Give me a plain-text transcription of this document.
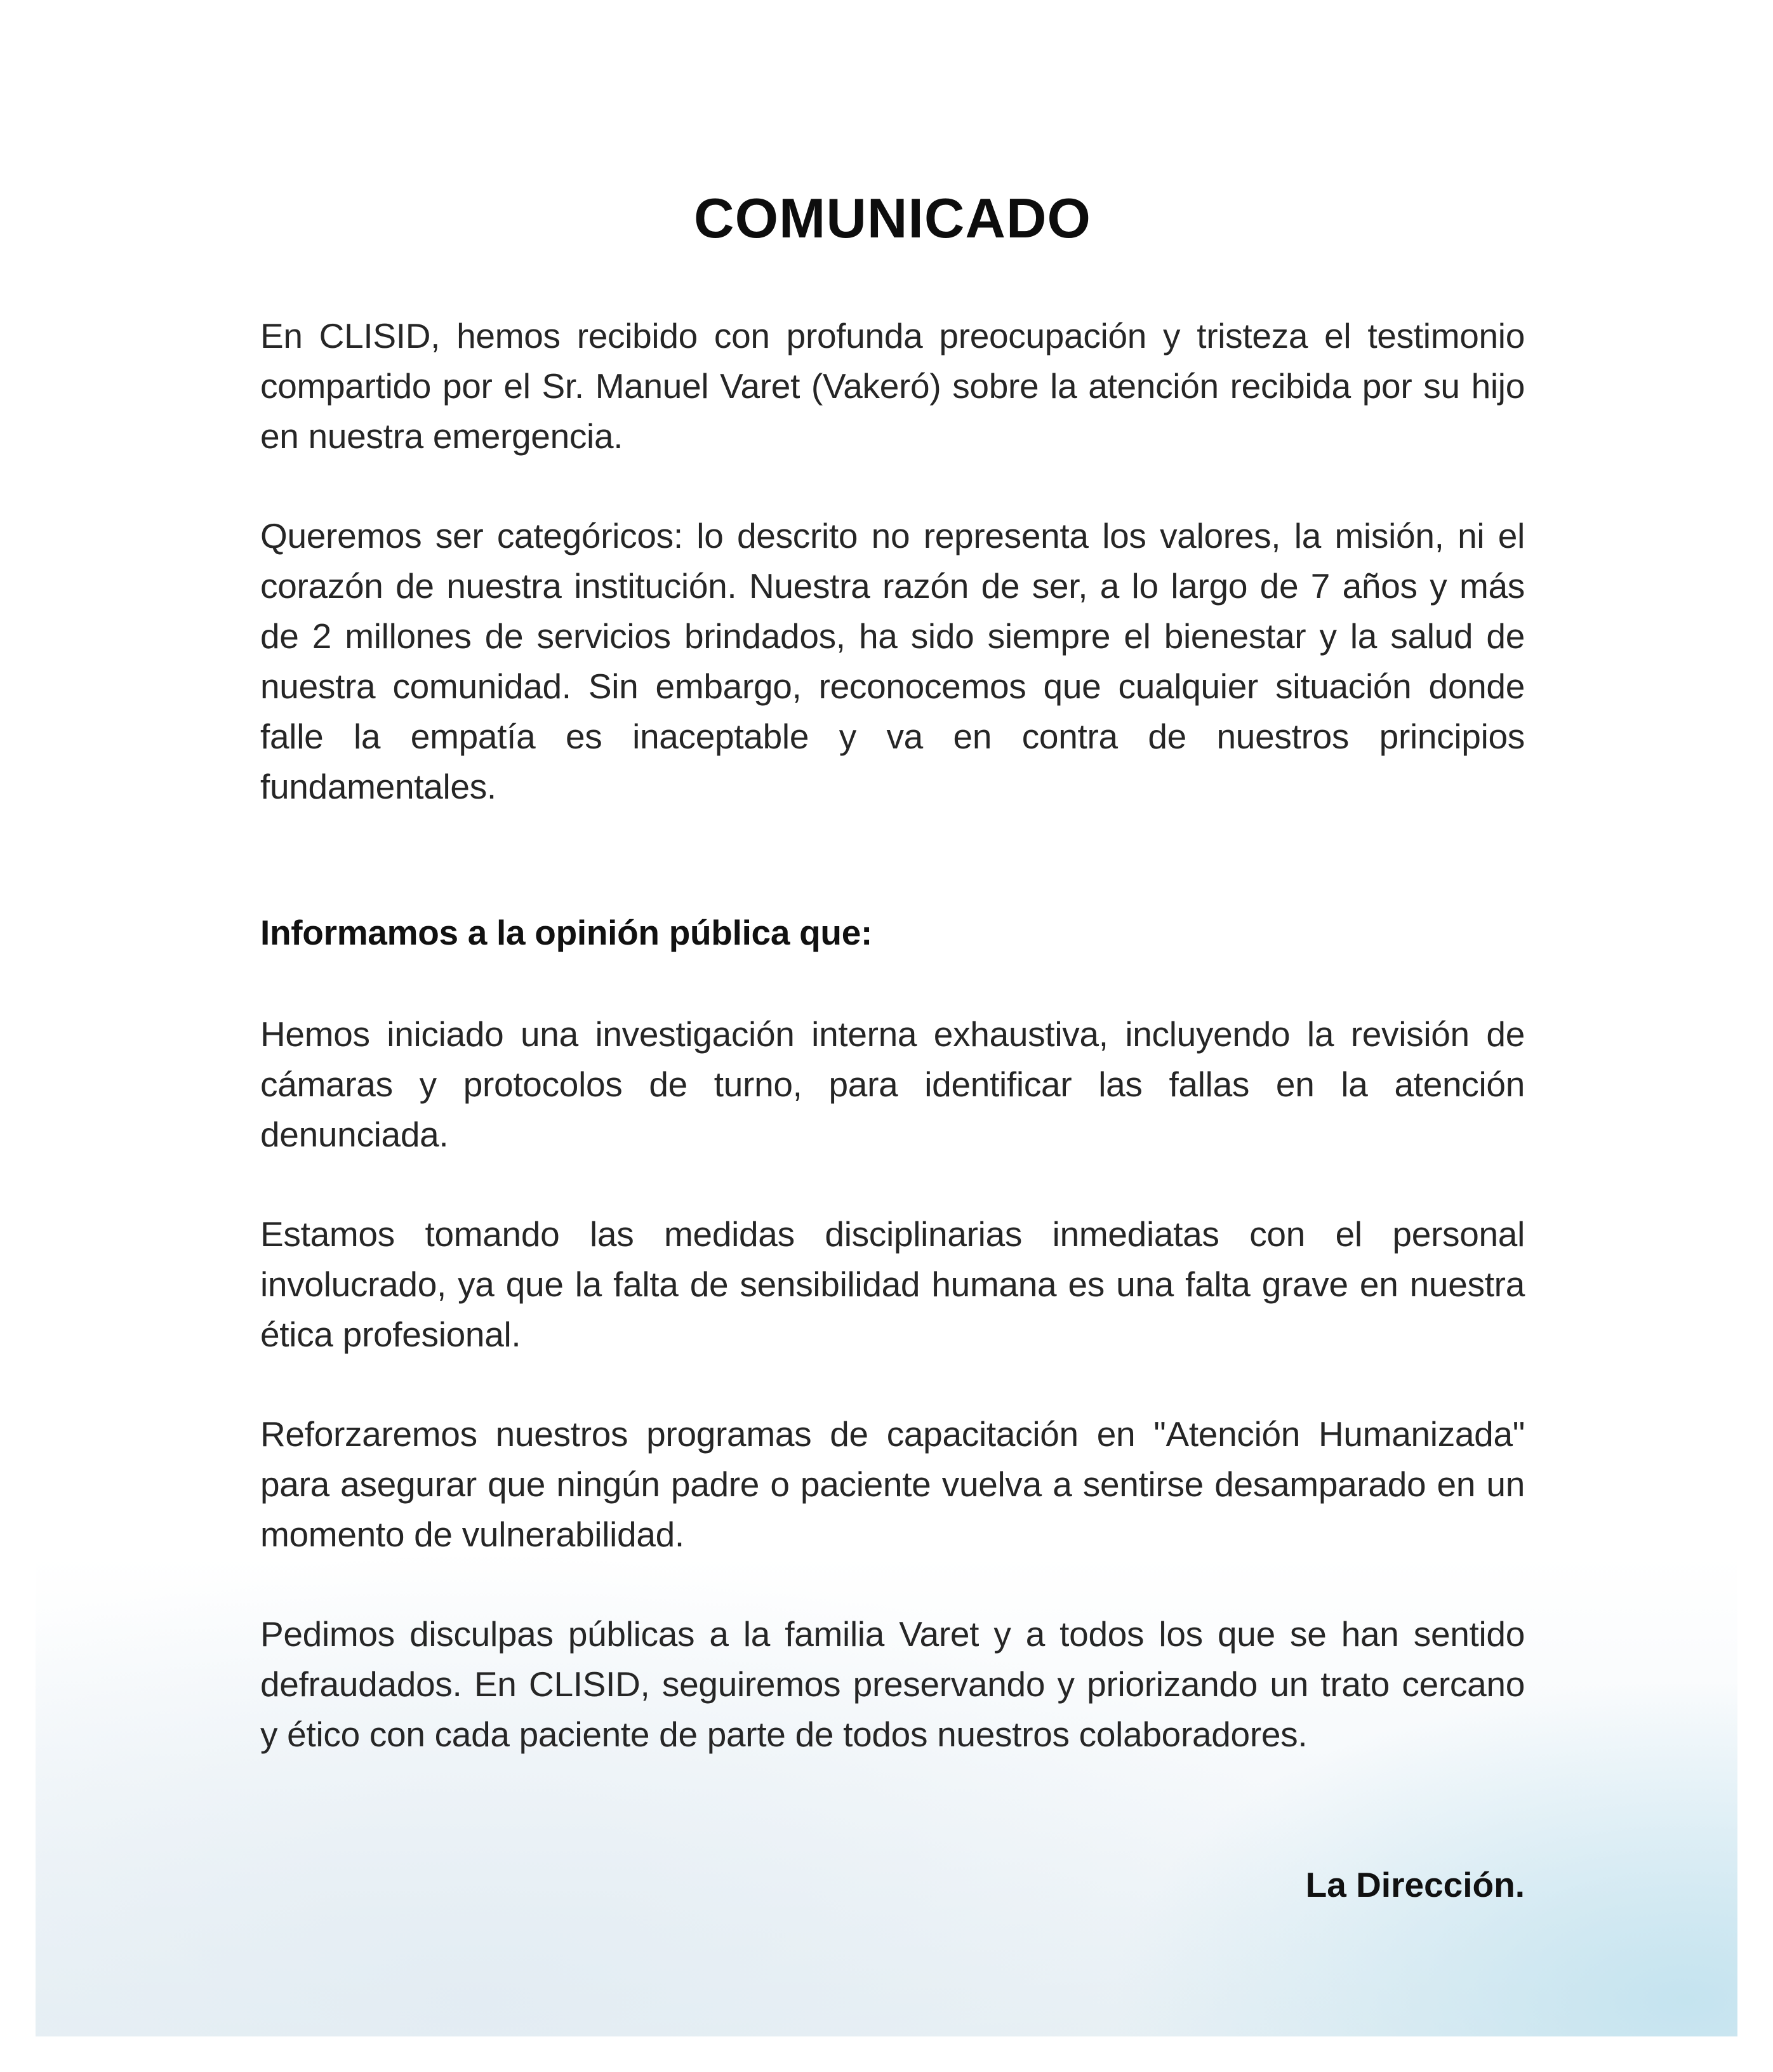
COMUNICADO

En CLISID, hemos recibido con profunda preocupación y tristeza el testimonio compartido por el Sr. Manuel Varet (Vakeró) sobre la atención recibida por su hijo en nuestra emergencia.

Queremos ser categóricos: lo descrito no representa los valores, la misión, ni el corazón de nuestra institución. Nuestra razón de ser, a lo largo de 7 años y más de 2 millones de servicios brindados, ha sido siempre el bienestar y la salud de nuestra comunidad. Sin embargo, reconocemos que cualquier situación donde falle la empatía es inaceptable y va en contra de nuestros principios fundamentales.

Informamos a la opinión pública que:

Hemos iniciado una investigación interna exhaustiva, incluyendo la revisión de cámaras y protocolos de turno, para identificar las fallas en la atención denunciada.

Estamos tomando las medidas disciplinarias inmediatas con el personal involucrado, ya que la falta de sensibilidad humana es una falta grave en nuestra ética profesional.

Reforzaremos nuestros programas de capacitación en "Atención Humanizada" para asegurar que ningún padre o paciente vuelva a sentirse desamparado en un momento de vulnerabilidad.

Pedimos disculpas públicas a la familia Varet y a todos los que se han sentido defraudados. En CLISID, seguiremos preservando y priorizando un trato cercano y ético con cada paciente de parte de todos nuestros colaboradores.

La Dirección.
